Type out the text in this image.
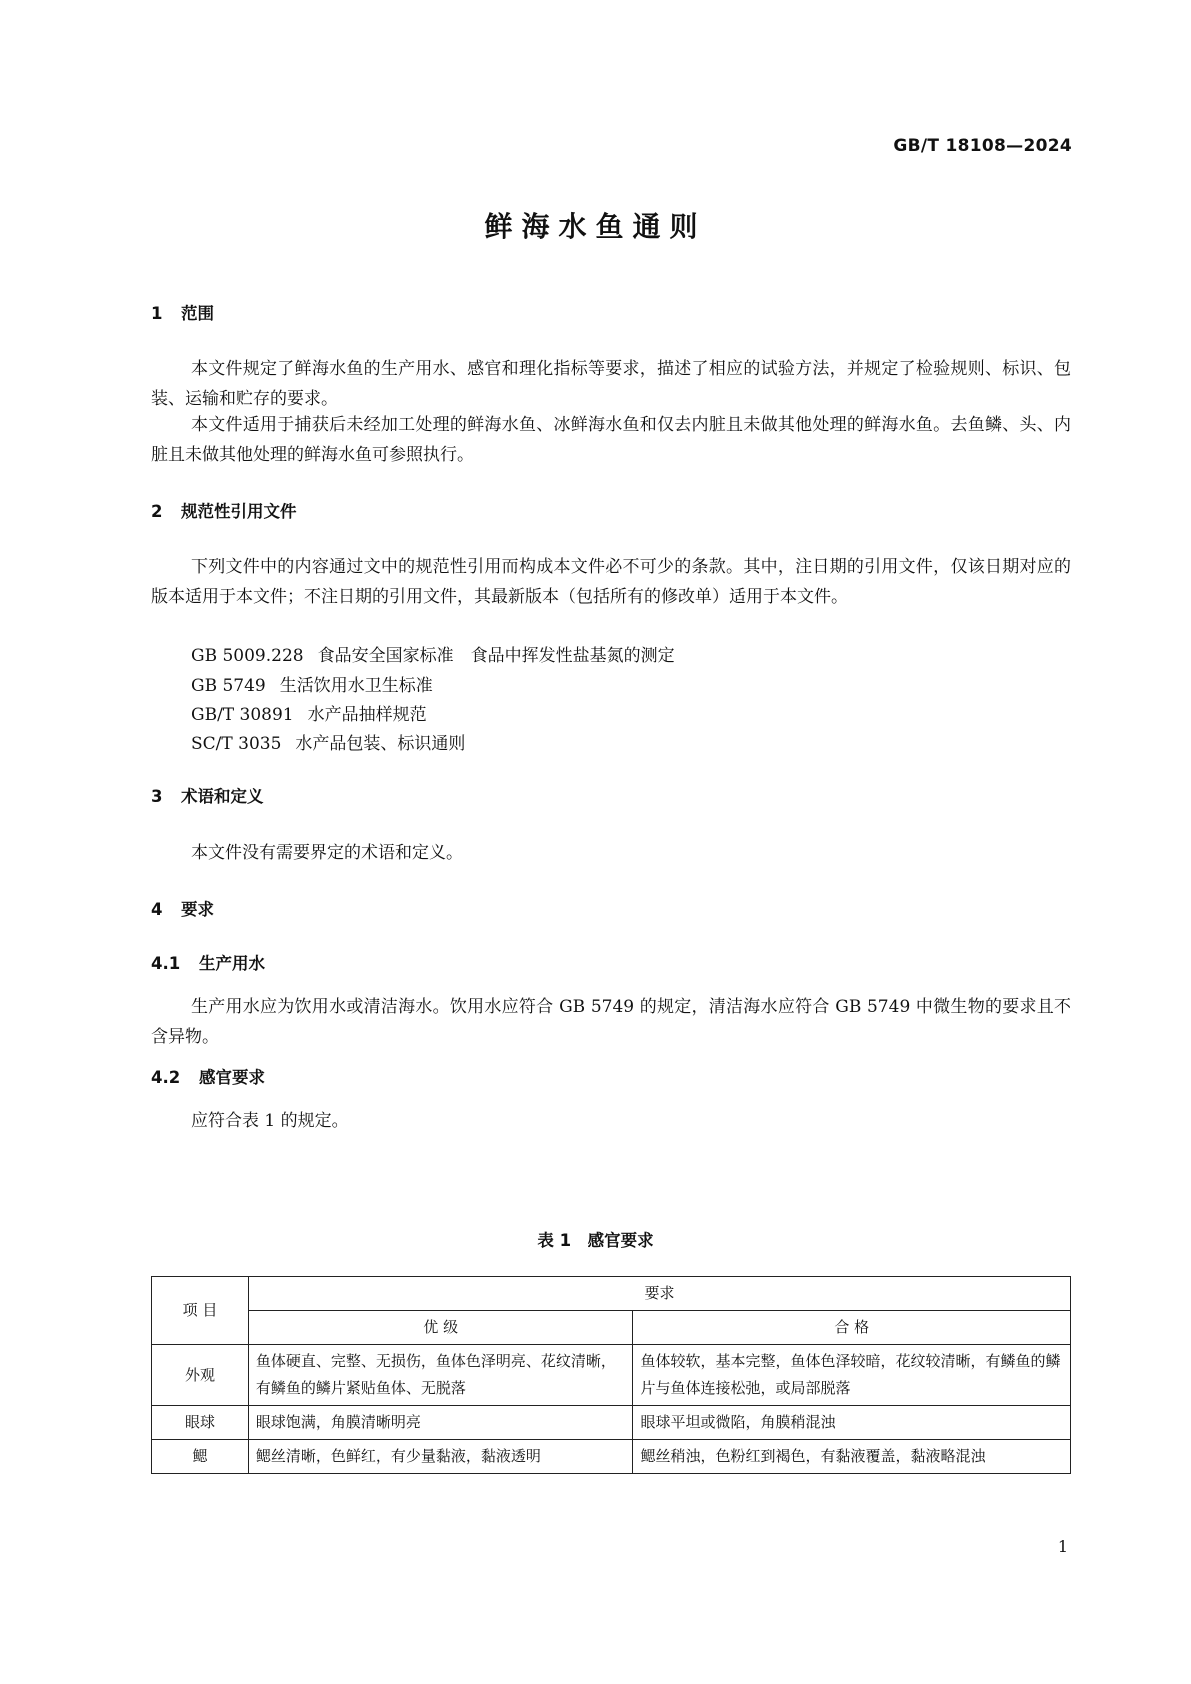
GB/T 18108—2024
鲜海水鱼通则
1 范围

本文件规定了鲜海水鱼的生产用水、感官和理化指标等要求，描述了相应的试验方法，并规定了检验规则、标识、包装、运输和贮存的要求。

本文件适用于捕获后未经加工处理的鲜海水鱼、冰鲜海水鱼和仅去内脏且未做其他处理的鲜海水鱼。去鱼鳞、头、内脏且未做其他处理的鲜海水鱼可参照执行。

2 规范性引用文件

下列文件中的内容通过文中的规范性引用而构成本文件必不可少的条款。其中，注日期的引用文件，仅该日期对应的版本适用于本文件；不注日期的引用文件，其最新版本（包括所有的修改单）适用于本文件。

GB 5009.228 食品安全国家标准　食品中挥发性盐基氮的测定
GB 5749 生活饮用水卫生标准
GB/T 30891 水产品抽样规范
SC/T 3035 水产品包装、标识通则
3 术语和定义

本文件没有需要界定的术语和定义。

4 要求
4.1 生产用水

生产用水应为饮用水或清洁海水。饮用水应符合 GB 5749 的规定，清洁海水应符合 GB 5749 中微生物的要求且不含异物。

4.2 感官要求

应符合表 1 的规定。

表 1　感官要求
项 目	要求	
	优 级	合 格
外观	鱼体硬直、完整、无损伤，鱼体色泽明亮、花纹清晰，有鳞鱼的鳞片紧贴鱼体、无脱落	鱼体较软，基本完整，鱼体色泽较暗，花纹较清晰，有鳞鱼的鳞片与鱼体连接松弛，或局部脱落
眼球	眼球饱满，角膜清晰明亮	眼球平坦或微陷，角膜稍混浊
鳃	鳃丝清晰，色鲜红，有少量黏液，黏液透明	鳃丝稍浊，色粉红到褐色，有黏液覆盖，黏液略混浊
1
